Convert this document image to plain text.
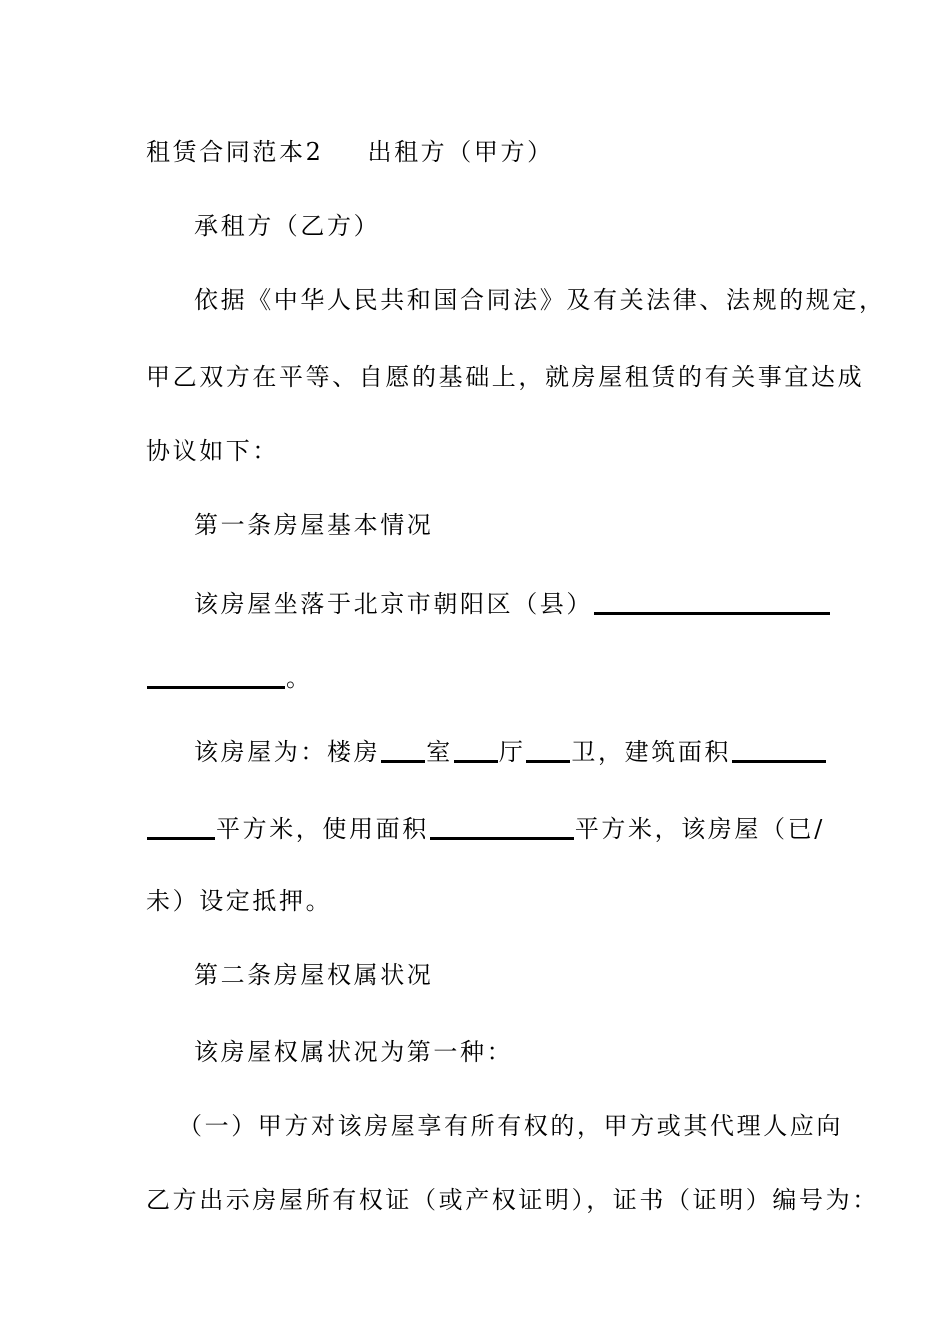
租赁合同范本2 出租方（甲方）
承租方（乙方）
依据《中华人民共和国合同法》及有关法律、法规的规定，
甲乙双方在平等、自愿的基础上，就房屋租赁的有关事宜达成
协议如下：
第一条房屋基本情况
该房屋坐落于北京市朝阳区（县）
。
该房屋为：楼房 室 厅 卫，建筑面积
平方米，使用面积	平方米，该房屋（已/
未）设定抵押。
第二条房屋权属状况
该房屋权属状况为第一种：
（一）甲方对该房屋享有所有权的，甲方或其代理人应向
乙方出示房屋所有权证（或产权证明），证书（证明）编号为：
